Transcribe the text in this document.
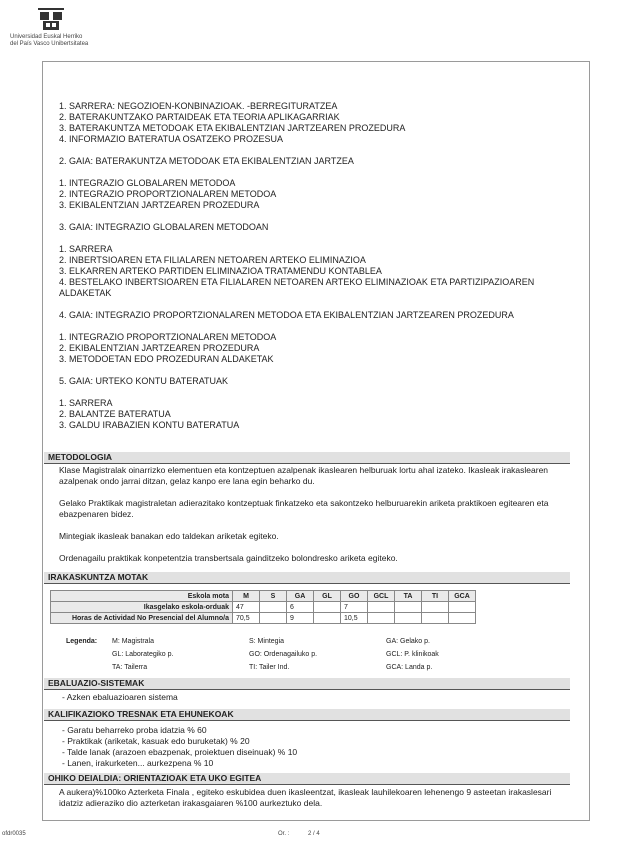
Universidad Euskal Herriko
del País Vasco Unibertsitatea
1. SARRERA: NEGOZIOEN-KONBINAZIOAK. -BERREGITURATZEA
2. BATERAKUNTZAKO PARTAIDEAK ETA TEORIA APLIKAGARRIAK
3. BATERAKUNTZA METODOAK ETA EKIBALENTZIAN JARTZEAREN PROZEDURA
4. INFORMAZIO BATERATUA OSATZEKO PROZESUA
2. GAIA: BATERAKUNTZA METODOAK ETA EKIBALENTZIAN JARTZEA
1. INTEGRAZIO GLOBALAREN METODOA
2. INTEGRAZIO PROPORTZIONALAREN METODOA
3. EKIBALENTZIAN JARTZEAREN PROZEDURA
3. GAIA: INTEGRAZIO GLOBALAREN METODOAN
1. SARRERA
2. INBERTSIOAREN ETA FILIALAREN NETOAREN ARTEKO ELIMINAZIOA
3. ELKARREN ARTEKO PARTIDEN ELIMINAZIOA TRATAMENDU KONTABLEA
4. BESTELAKO INBERTSIOAREN ETA FILIALAREN NETOAREN ARTEKO ELIMINAZIOAK ETA PARTIZIPAZIOAREN ALDAKETAK
4. GAIA: INTEGRAZIO PROPORTZIONALAREN METODOA ETA EKIBALENTZIAN JARTZEAREN PROZEDURA
1. INTEGRAZIO PROPORTZIONALAREN METODOA
2. EKIBALENTZIAN JARTZEAREN PROZEDURA
3. METODOETAN EDO PROZEDURAN ALDAKETAK
5. GAIA: URTEKO KONTU BATERATUAK
1. SARRERA
2. BALANTZE BATERATUA
3. GALDU IRABAZIEN KONTU BATERATUA
METODOLOGIA

Klase Magistralak oinarrizko elementuen eta kontzeptuen azalpenak ikaslearen helburuak lortu ahal izateko. Ikasleak irakaslearen azalpenak ondo jarrai ditzan, gelaz kanpo ere lana egin beharko du.

Gelako Praktikak magistraletan adierazitako kontzeptuak finkatzeko eta sakontzeko helburuarekin ariketa praktikoen egitearen eta ebazpenaren bidez.

Mintegiak ikasleak banakan edo taldekan ariketak egiteko.

Ordenagailu praktikak konpetentzia transbertsala gainditzeko bolondresko ariketa egiteko.

IRAKASKUNTZA MOTAK
Eskola mota	M	S	GA	GL	GO	GCL	TA	TI	GCA
Ikasgelako eskola-orduak	47		6		7				
Horas de Actividad No Presencial del Alumno/a	70,5		9		10,5				
Legenda: M: Magistrala	S: Mintegia	GA: Gelako p.
GL: Laborategiko p.	GO: Ordenagailuko p.	GCL: P. klinikoak
TA: Tailerra	TI: Tailer Ind.	GCA: Landa p.
EBALUAZIO-SISTEMAK
- Azken ebaluazioaren sistema
KALIFIKAZIOKO TRESNAK ETA EHUNEKOAK
- Garatu beharreko proba idatzia % 60
- Praktikak (ariketak, kasuak edo buruketak) % 20
- Talde lanak (arazoen ebazpenak, proiektuen diseinuak) % 10
- Lanen, irakurketen... aurkezpena % 10
OHIKO DEIALDIA: ORIENTAZIOAK ETA UKO EGITEA
A aukera)%100ko Azterketa Finala , egiteko eskubidea duen ikasleentzat, ikasleak lauhilekoaren lehenengo 9 asteetan irakaslesari idatziz adieraziko dio azterketan irakasgaiaren %100 aurkeztuko dela.
ofdr0035	Or. :	2 / 4
